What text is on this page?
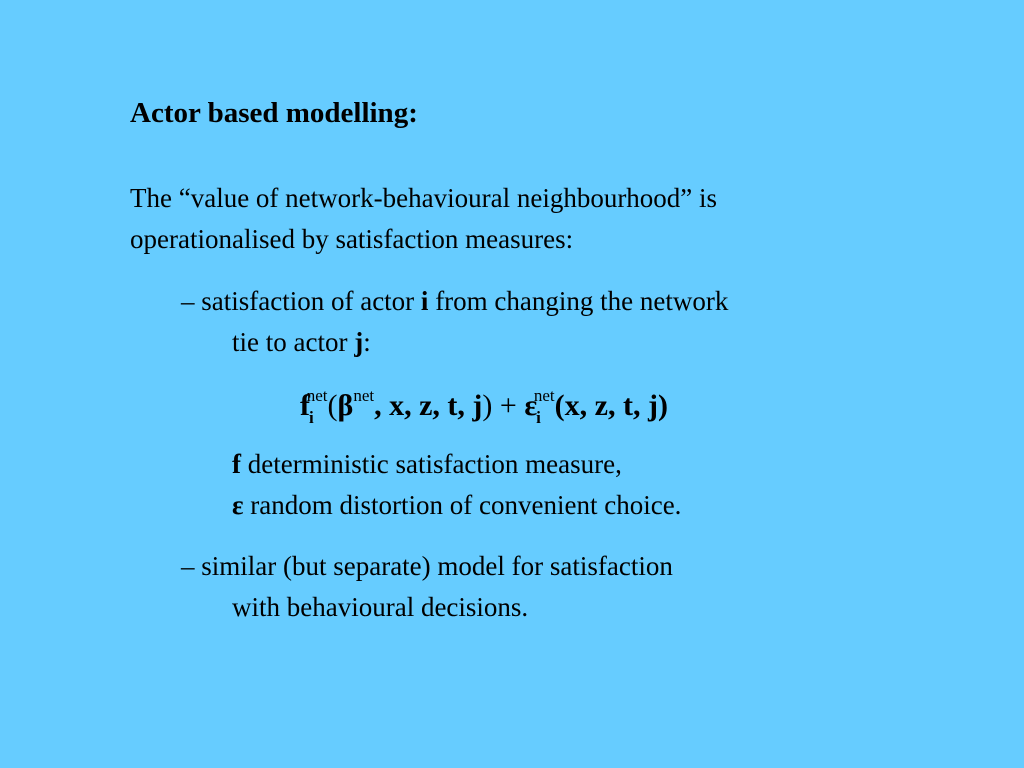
Actor based modelling:
The “value of network-behavioural neighbourhood” is
operationalised by satisfaction measures:
– satisfaction of actor i from changing the network
tie to actor j:
$f_i^{net}(\beta^{net}$, x, z, t, $j) + \varepsilon_i^{net}(x$, z, t, j)
f deterministic satisfaction measure,
ε random distortion of convenient choice.
– similar (but separate) model for satisfaction
with behavioural decisions.
